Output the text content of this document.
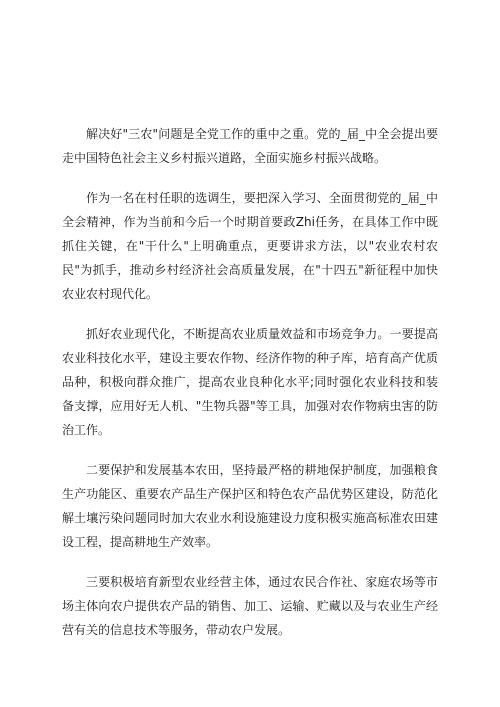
解决好"三农"问题是全党工作的重中之重。党的_届_中全会提出要走中国特色社会主义乡村振兴道路，全面实施乡村振兴战略。

作为一名在村任职的选调生，要把深入学习、全面贯彻党的_届_中全会精神，作为当前和今后一个时期首要政Zhi任务，在具体工作中既抓住关键，在"干什么"上明确重点，更要讲求方法，以"农业农村农民"为抓手，推动乡村经济社会高质量发展，在"十四五"新征程中加快农业农村现代化。

抓好农业现代化，不断提高农业质量效益和市场竞争力。一要提高农业科技化水平，建设主要农作物、经济作物的种子库，培育高产优质品种，积极向群众推广，提高农业良种化水平;同时强化农业科技和装备支撑，应用好无人机、"生物兵器"等工具，加强对农作物病虫害的防治工作。

二要保护和发展基本农田，坚持最严格的耕地保护制度，加强粮食生产功能区、重要农产品生产保护区和特色农产品优势区建设，防范化解土壤污染问题同时加大农业水利设施建设力度积极实施高标准农田建设工程，提高耕地生产效率。

三要积极培育新型农业经营主体，通过农民合作社、家庭农场等市场主体向农户提供农产品的销售、加工、运输、贮藏以及与农业生产经营有关的信息技术等服务，带动农户发展。
